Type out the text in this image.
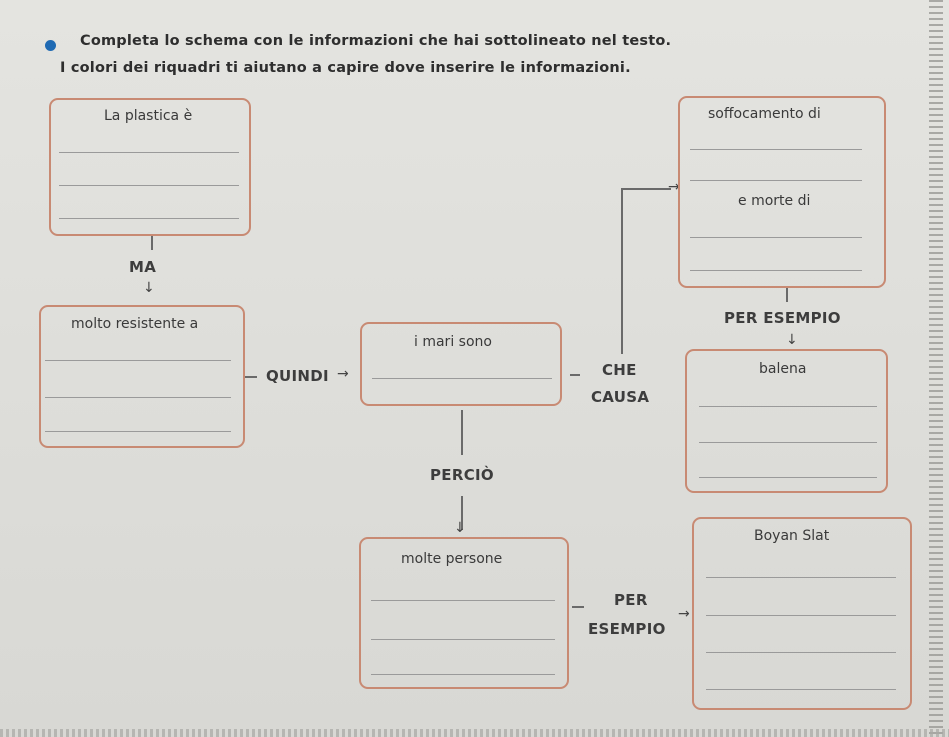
Completa lo schema con le informazioni che hai sottolineato nel testo.
I colori dei riquadri ti aiutano a capire dove inserire le informazioni.
La plastica è
MA
↓
molto resistente a
QUINDI →
i mari sono
CHE
CAUSA
→
PERCIÒ
↓
molte persone
PER
ESEMPIO
→
soffocamento di
e morte di
PER ESEMPIO
↓
balena
Boyan Slat
